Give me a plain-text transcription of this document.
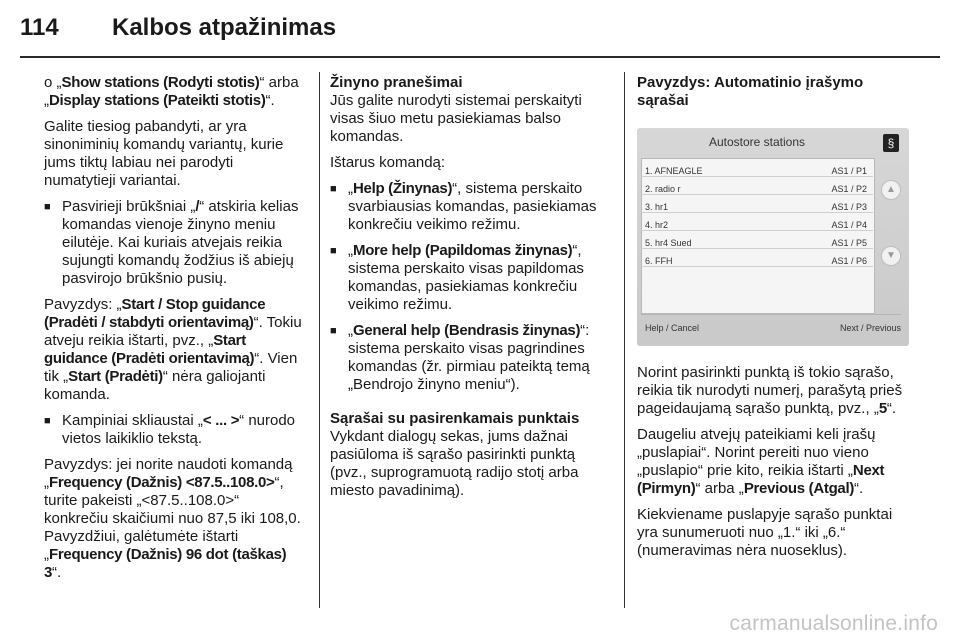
114	Kalbos atpažinimas

o „Show stations (Rodyti stotis)“ arba „Display stations (Pateikti stotis)“.

Galite tiesiog pabandyti, ar yra sinoniminių komandų variantų, kurie jums tiktų labiau nei parodyti numatytieji variantai.

■ Pasvirieji brūkšniai „/“ atskiria kelias komandas vienoje žinyno meniu eilutėje. Kai kuriais atvejais reikia sujungti komandų žodžius iš abiejų pasvirojo brūkšnio pusių.

Pavyzdys: „Start / Stop guidance (Pradėti / stabdyti orientavimą)“. Tokiu atveju reikia ištarti, pvz., „Start guidance (Pradėti orientavimą)“. Vien tik „Start (Pradėti)“ nėra galiojanti komanda.

■ Kampiniai skliaustai „< ... >“ nurodo vietos laikiklio tekstą.

Pavyzdys: jei norite naudoti komandą „Frequency (Dažnis) <87.5..108.0>“, turite pakeisti „<87.5..108.0>“ konkrečiu skaičiumi nuo 87,5 iki 108,0. Pavyzdžiui, galėtumėte ištarti „Frequency (Dažnis) 96 dot (taškas) 3“.

Žinyno pranešimai

Jūs galite nurodyti sistemai perskaityti visas šiuo metu pasiekiamas balso komandas.

Ištarus komandą:

■ „Help (Žinynas)“, sistema perskaito svarbiausias komandas, pasiekiamas konkrečiu veikimo režimu.

■ „More help (Papildomas žinynas)“, sistema perskaito visas papildomas komandas, pasiekiamas konkrečiu veikimo režimu.

■ „General help (Bendrasis žinynas)“: sistema perskaito visas pagrindines komandas (žr. pirmiau pateiktą temą „Bendrojo žinyno meniu“).

Sąrašai su pasirenkamais punktais

Vykdant dialogų sekas, jums dažnai pasiūloma iš sąrašo pasirinkti punktą (pvz., suprogramuotą radijo stotį arba miesto pavadinimą).

Pavyzdys: Automatinio įrašymo sąrašai
Autostore stations	§
1. AFNEAGLE	AS1 / P1
2. radio r	AS1 / P2
3. hr1	AS1 / P3
4. hr2	AS1 / P4
5. hr4 Sued	AS1 / P5
6. FFH	AS1 / P6
▲
▼
Help / Cancel	Next / Previous

Norint pasirinkti punktą iš tokio sąrašo, reikia tik nurodyti numerį, parašytą prieš pageidaujamą sąrašo punktą, pvz., „5“.

Daugeliu atvejų pateikiami keli įrašų „puslapiai“. Norint pereiti nuo vieno „puslapio“ prie kito, reikia ištarti „Next (Pirmyn)“ arba „Previous (Atgal)“.

Kiekviename puslapyje sąrašo punktai yra sunumeruoti nuo „1.“ iki „6.“ (numeravimas nėra nuoseklus).

carmanualsonline.info
